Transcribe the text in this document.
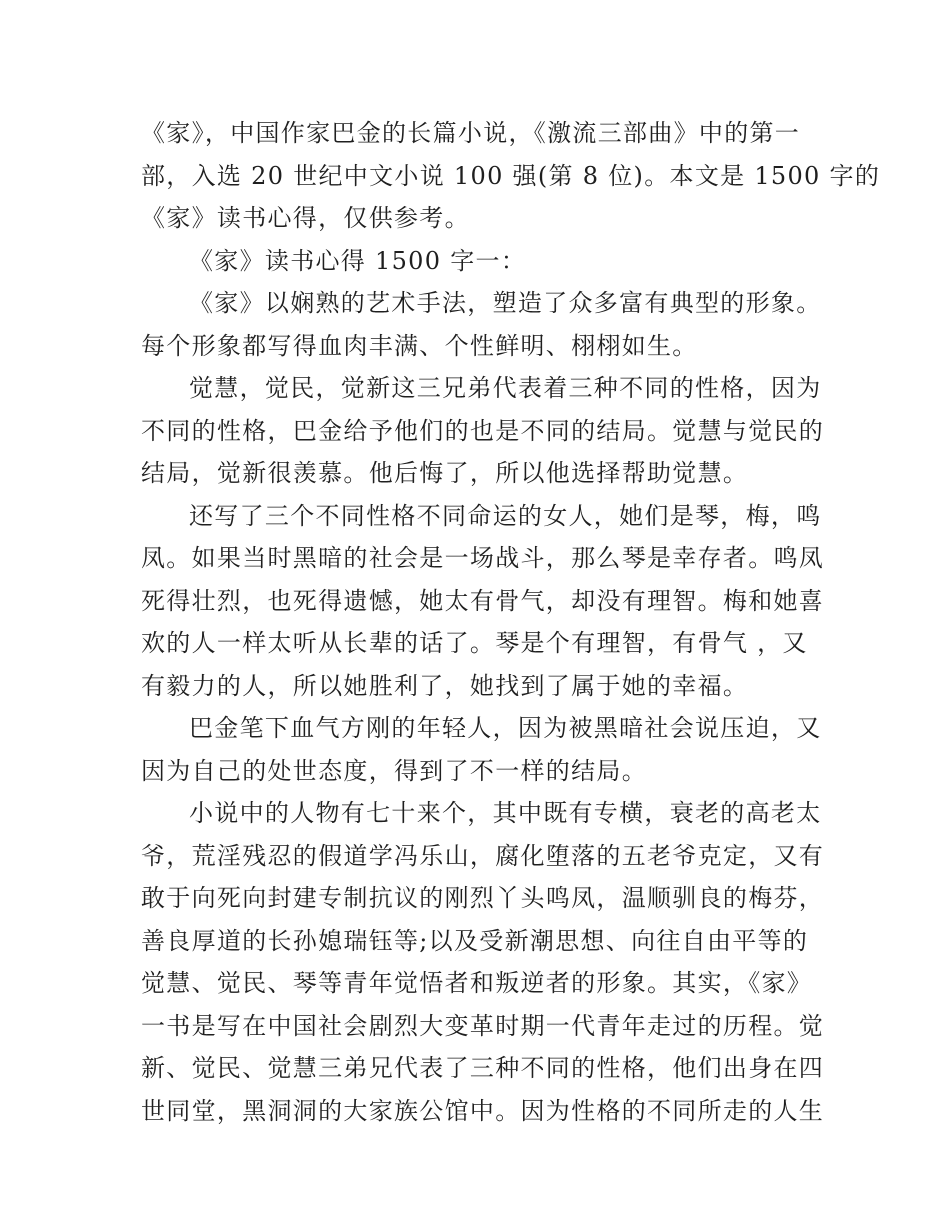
《家》，中国作家巴金的长篇小说，《激流三部曲》中的第一
部，入选 20 世纪中文小说 100 强(第 8 位)。本文是 1500 字的
《家》读书心得，仅供参考。
《家》读书心得 1500 字一：
《家》以娴熟的艺术手法，塑造了众多富有典型的形象。
每个形象都写得血肉丰满、个性鲜明、栩栩如生。
觉慧，觉民，觉新这三兄弟代表着三种不同的性格，因为
不同的性格，巴金给予他们的也是不同的结局。觉慧与觉民的
结局，觉新很羡慕。他后悔了，所以他选择帮助觉慧。
还写了三个不同性格不同命运的女人，她们是琴，梅，鸣
凤。如果当时黑暗的社会是一场战斗，那么琴是幸存者。鸣凤
死得壮烈，也死得遗憾，她太有骨气，却没有理智。梅和她喜
欢的人一样太听从长辈的话了。琴是个有理智，有骨气 ，又
有毅力的人，所以她胜利了，她找到了属于她的幸福。
巴金笔下血气方刚的年轻人，因为被黑暗社会说压迫，又
因为自己的处世态度，得到了不一样的结局。
小说中的人物有七十来个，其中既有专横，衰老的高老太
爷，荒淫残忍的假道学冯乐山，腐化堕落的五老爷克定，又有
敢于向死向封建专制抗议的刚烈丫头鸣凤，温顺驯良的梅芬，
善良厚道的长孙媳瑞钰等;以及受新潮思想、向往自由平等的
觉慧、觉民、琴等青年觉悟者和叛逆者的形象。其实，《家》
一书是写在中国社会剧烈大变革时期一代青年走过的历程。觉
新、觉民、觉慧三弟兄代表了三种不同的性格，他们出身在四
世同堂，黑洞洞的大家族公馆中。因为性格的不同所走的人生
